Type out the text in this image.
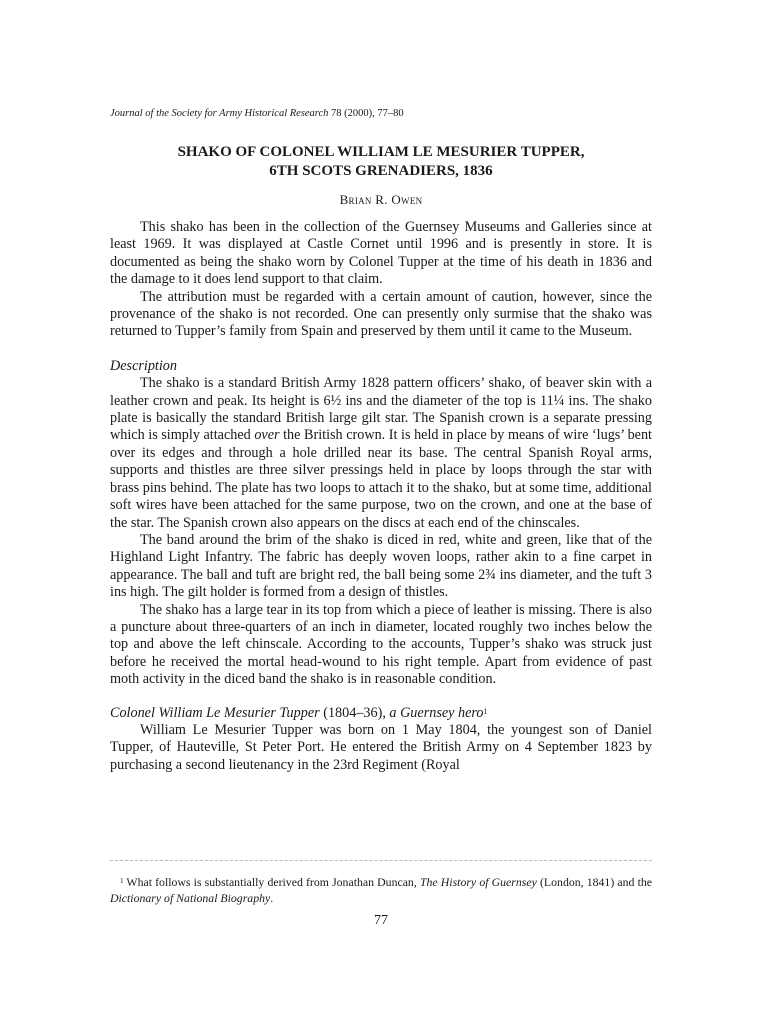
Journal of the Society for Army Historical Research 78 (2000), 77–80
SHAKO OF COLONEL WILLIAM LE MESURIER TUPPER,
6TH SCOTS GRENADIERS, 1836
Brian R. Owen

This shako has been in the collection of the Guernsey Museums and Galleries since at least 1969. It was displayed at Castle Cornet until 1996 and is presently in store. It is documented as being the shako worn by Colonel Tupper at the time of his death in 1836 and the damage to it does lend support to that claim.

The attribution must be regarded with a certain amount of caution, however, since the provenance of the shako is not recorded. One can presently only surmise that the shako was returned to Tupper’s family from Spain and preserved by them until it came to the Museum.

Description

The shako is a standard British Army 1828 pattern officers’ shako, of beaver skin with a leather crown and peak. Its height is 6½ ins and the diameter of the top is 11¼ ins. The shako plate is basically the standard British large gilt star. The Spanish crown is a separate pressing which is simply attached over the British crown. It is held in place by means of wire ‘lugs’ bent over its edges and through a hole drilled near its base. The central Spanish Royal arms, supports and thistles are three silver pressings held in place by loops through the star with brass pins behind. The plate has two loops to attach it to the shako, but at some time, additional soft wires have been attached for the same purpose, two on the crown, and one at the base of the star. The Spanish crown also appears on the discs at each end of the chinscales.

The band around the brim of the shako is diced in red, white and green, like that of the Highland Light Infantry. The fabric has deeply woven loops, rather akin to a fine carpet in appearance. The ball and tuft are bright red, the ball being some 2¾ ins diameter, and the tuft 3 ins high. The gilt holder is formed from a design of thistles.

The shako has a large tear in its top from which a piece of leather is missing. There is also a puncture about three-quarters of an inch in diameter, located roughly two inches below the top and above the left chinscale. According to the accounts, Tupper’s shako was struck just before he received the mortal head-wound to his right temple. Apart from evidence of past moth activity in the diced band the shako is in reasonable condition.

Colonel William Le Mesurier Tupper (1804–36), a Guernsey hero$^1$

William Le Mesurier Tupper was born on 1 May 1804, the youngest son of Daniel Tupper, of Hauteville, St Peter Port. He entered the British Army on 4 September 1823 by purchasing a second lieutenancy in the 23rd Regiment (Royal

$^1$ What follows is substantially derived from Jonathan Duncan, The History of Guernsey (London, 1841) and the Dictionary of National Biography.
77
